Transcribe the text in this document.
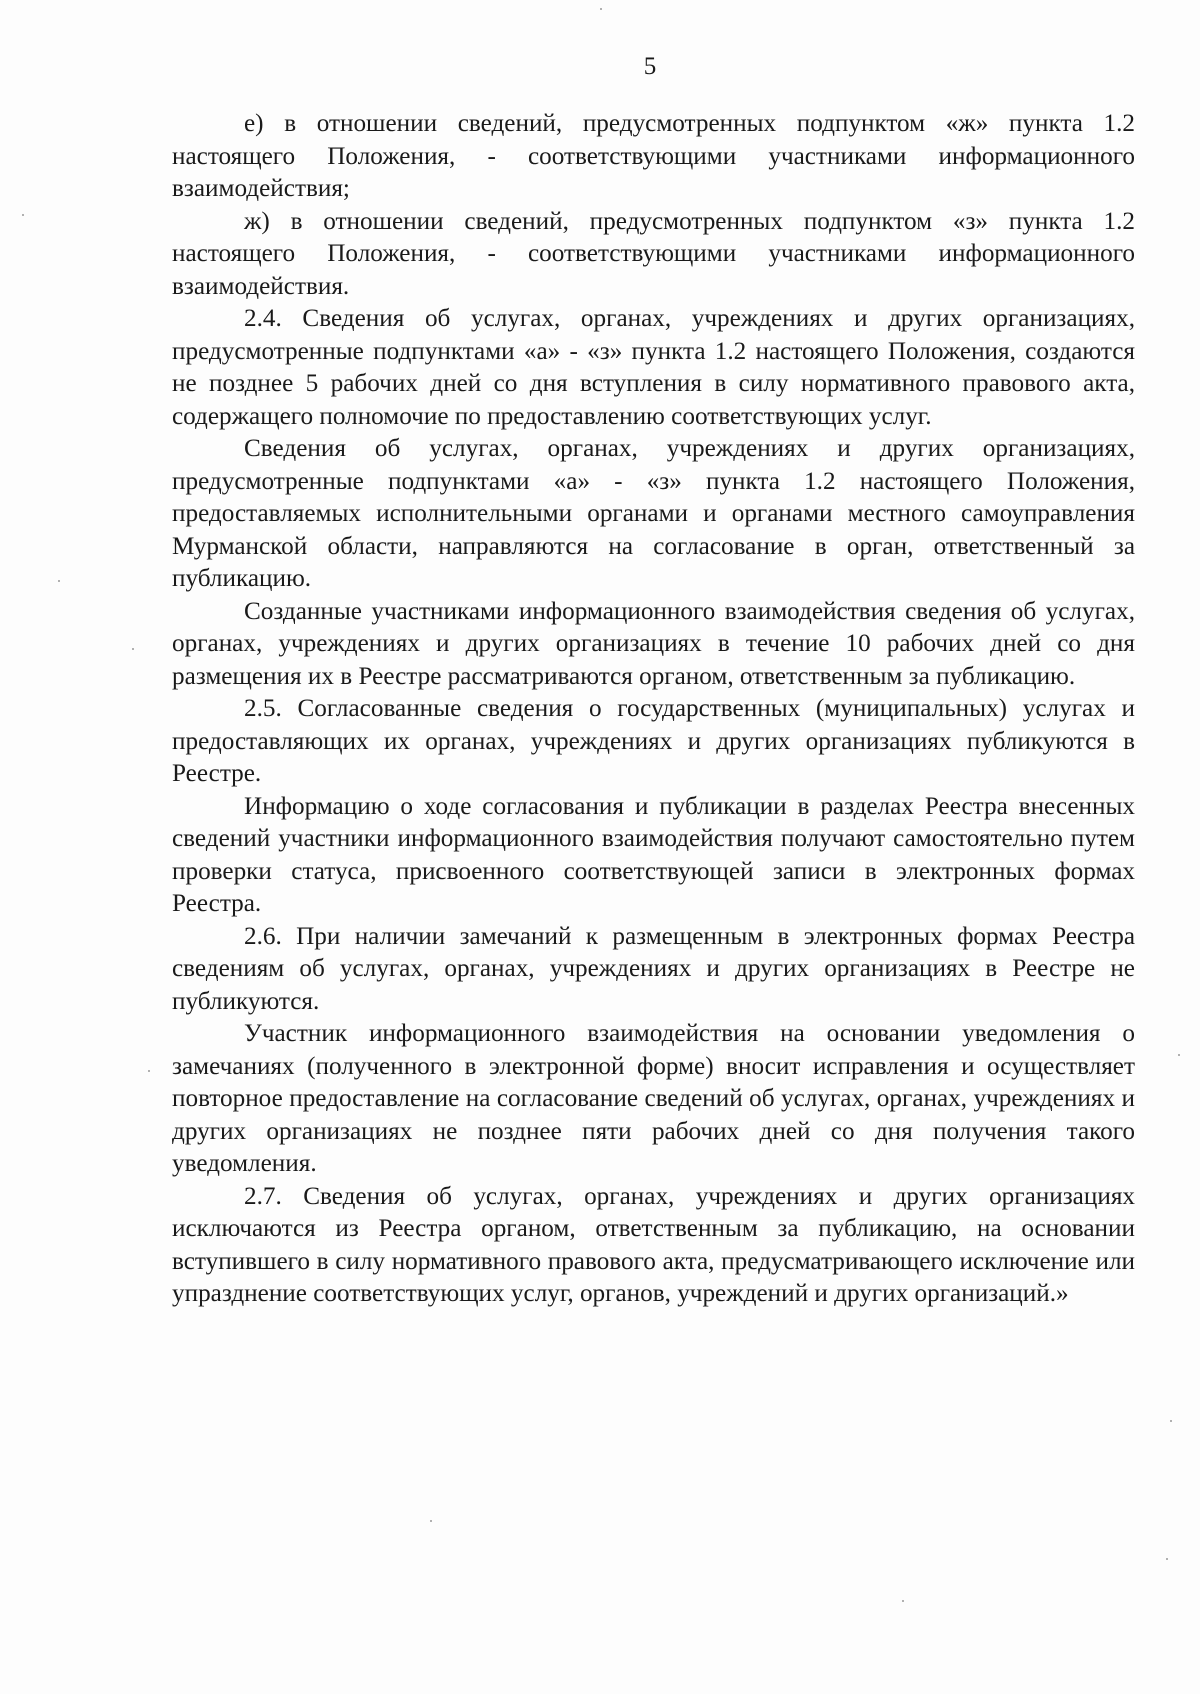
5

е) в отношении сведений, предусмотренных подпунктом «ж» пункта 1.2 настоящего Положения, - соответствующими участниками информационного взаимодействия;

ж) в отношении сведений, предусмотренных подпунктом «з» пункта 1.2 настоящего Положения, - соответствующими участниками информационного взаимодействия.

2.4. Сведения об услугах, органах, учреждениях и других организациях, предусмотренные подпунктами «а» - «з» пункта 1.2 настоящего Положения, создаются не позднее 5 рабочих дней со дня вступления в силу нормативного правового акта, содержащего полномочие по предоставлению соответствующих услуг.

Сведения об услугах, органах, учреждениях и других организациях, предусмотренные подпунктами «а» - «з» пункта 1.2 настоящего Положения, предоставляемых исполнительными органами и органами местного самоуправления Мурманской области, направляются на согласование в орган, ответственный за публикацию.

Созданные участниками информационного взаимодействия сведения об услугах, органах, учреждениях и других организациях в течение 10 рабочих дней со дня размещения их в Реестре рассматриваются органом, ответственным за публикацию.

2.5. Согласованные сведения о государственных (муниципальных) услугах и предоставляющих их органах, учреждениях и других организациях публикуются в Реестре.

Информацию о ходе согласования и публикации в разделах Реестра внесенных сведений участники информационного взаимодействия получают самостоятельно путем проверки статуса, присвоенного соответствующей записи в электронных формах Реестра.

2.6. При наличии замечаний к размещенным в электронных формах Реестра сведениям об услугах, органах, учреждениях и других организациях в Реестре не публикуются.

Участник информационного взаимодействия на основании уведомления о замечаниях (полученного в электронной форме) вносит исправления и осуществляет повторное предоставление на согласование сведений об услугах, органах, учреждениях и других организациях не позднее пяти рабочих дней со дня получения такого уведомления.

2.7. Сведения об услугах, органах, учреждениях и других организациях исключаются из Реестра органом, ответственным за публикацию, на основании вступившего в силу нормативного правового акта, предусматривающего исключение или упразднение соответствующих услуг, органов, учреждений и других организаций.»
